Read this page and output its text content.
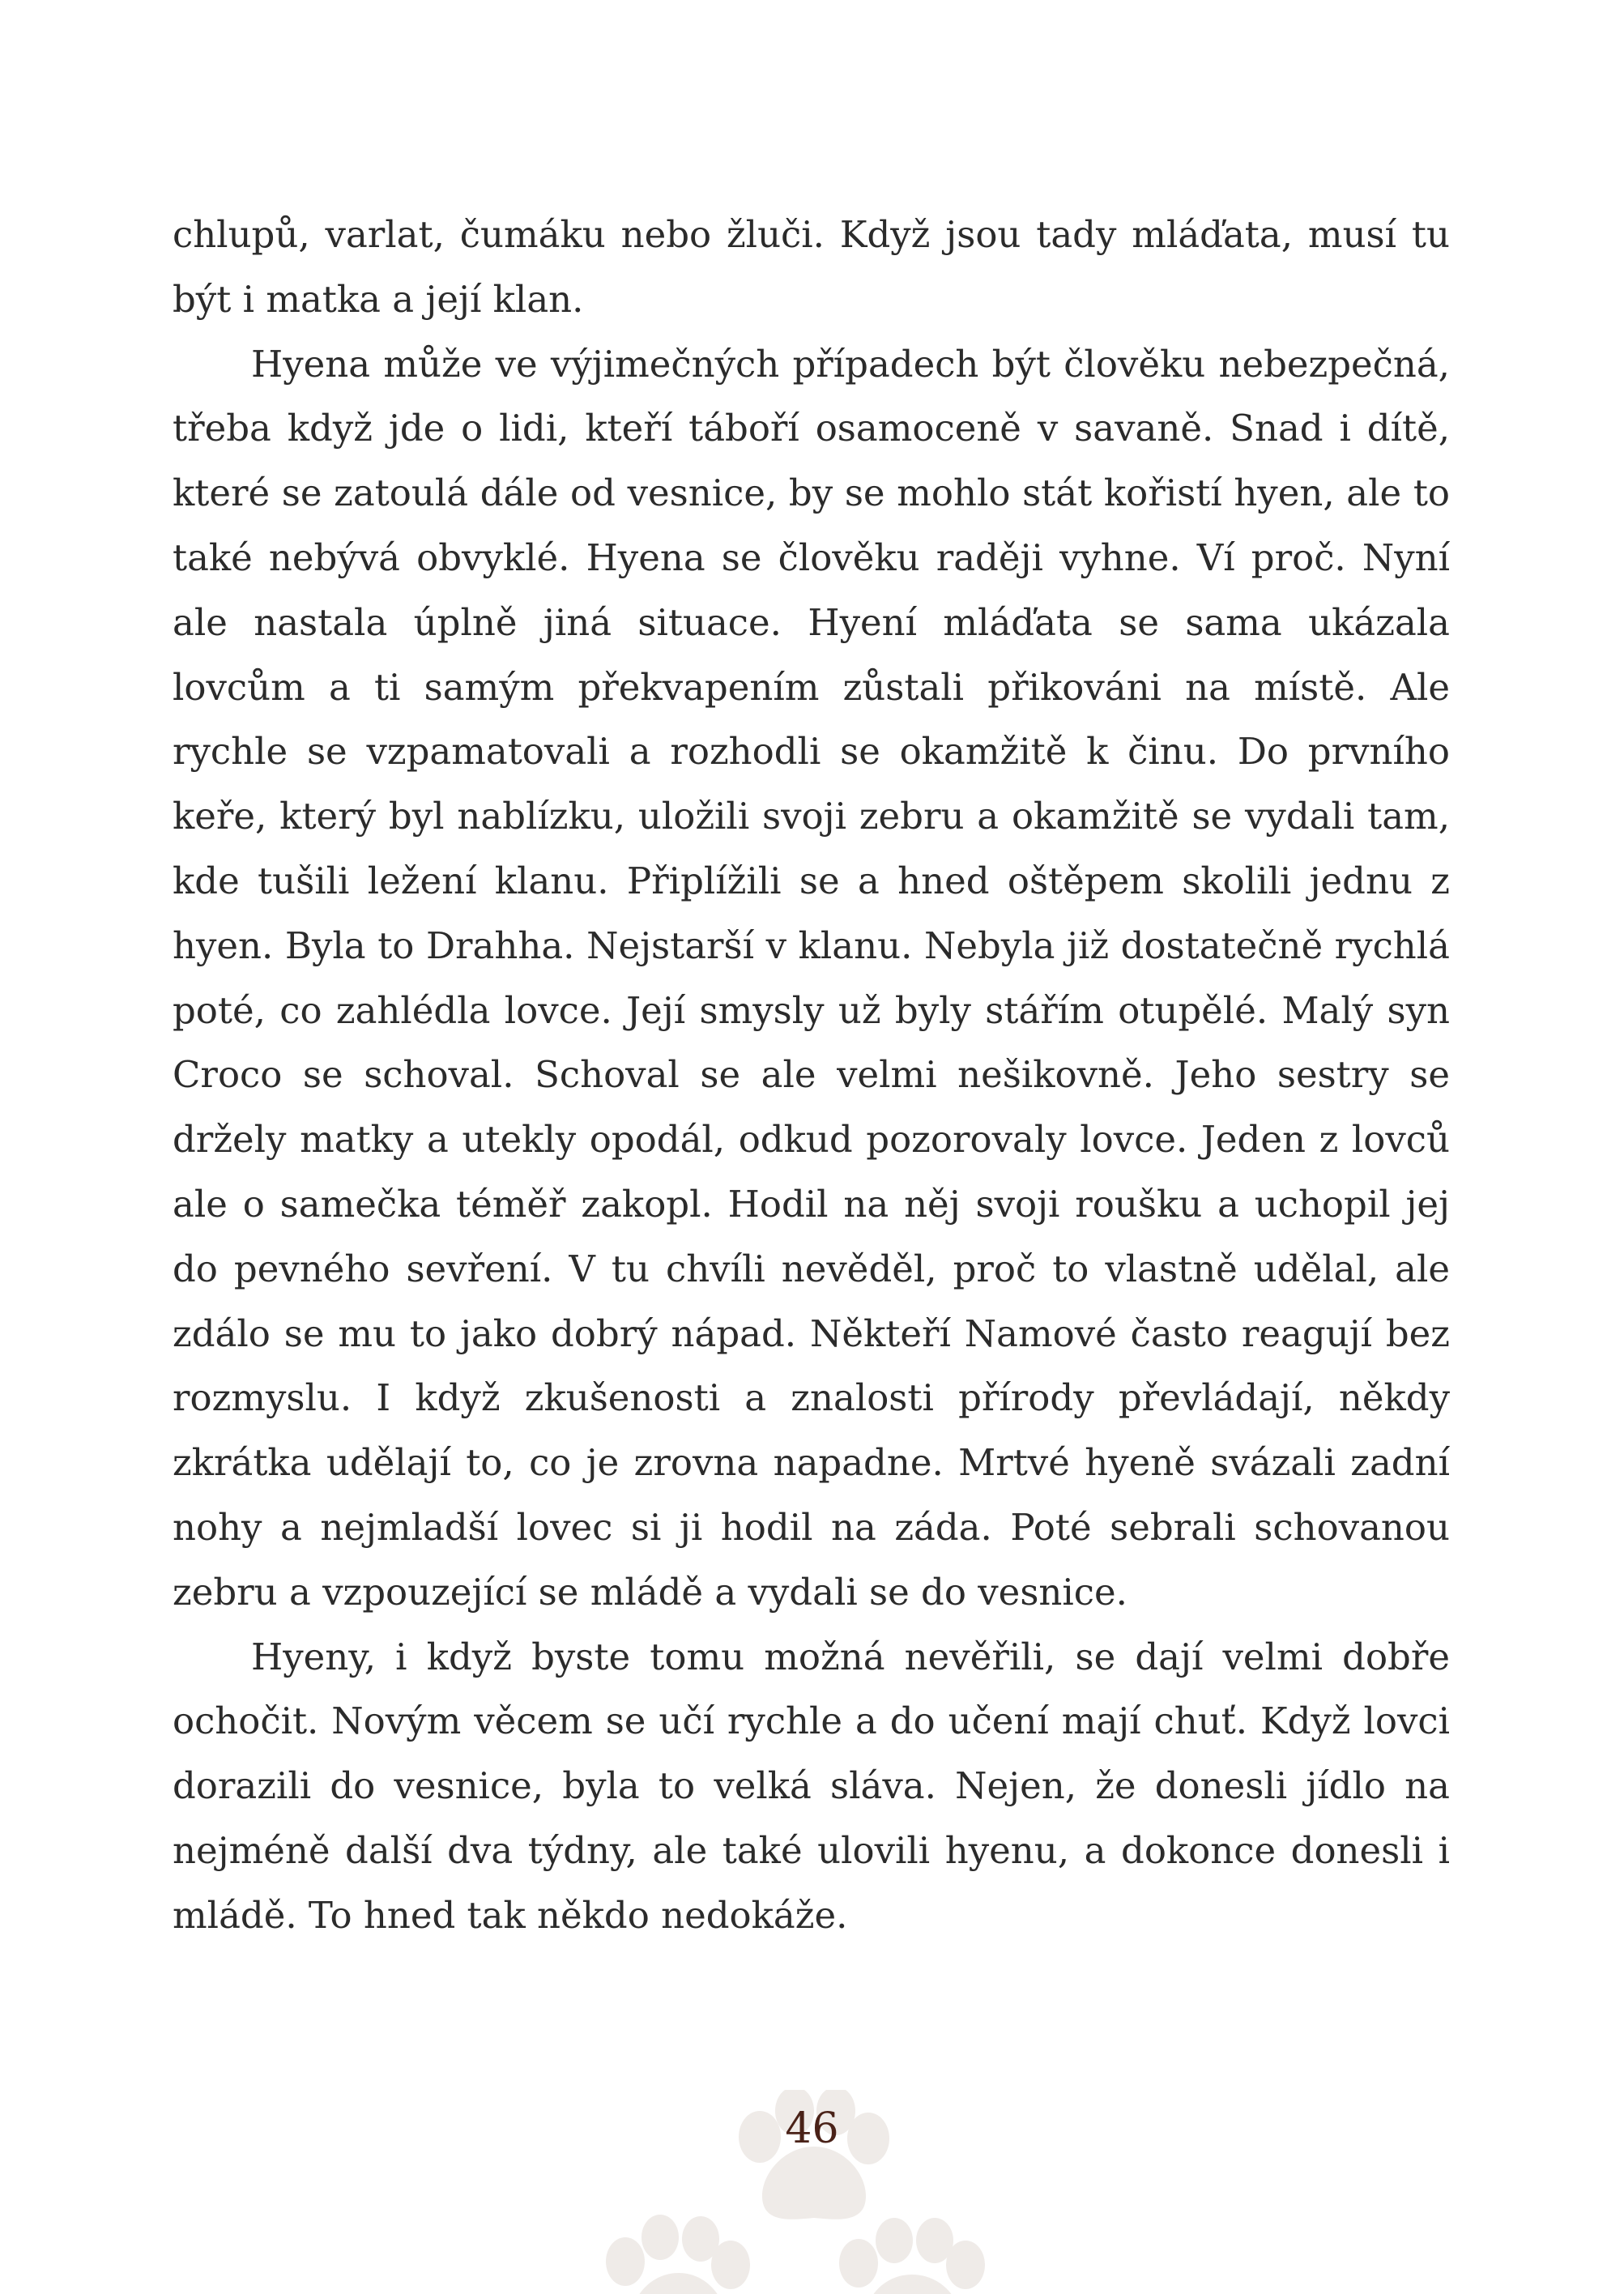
chlupů, varlat, čumáku nebo žluči. Když jsou tady mláďata, musí tu být i matka a její klan.

Hyena může ve výjimečných případech být člověku nebezpečná, třeba když jde o lidi, kteří táboří osamoceně v savaně. Snad i dítě, které se zatoulá dále od vesnice, by se mohlo stát kořistí hyen, ale to také nebývá obvyklé. Hyena se člověku raději vyhne. Ví proč. Nyní ale nastala úplně jiná situace. Hyení mláďata se sama ukázala lovcům a ti samým překvapením zůstali přikováni na místě. Ale rychle se vzpamatovali a rozhodli se okamžitě k činu. Do prvního keře, který byl nablízku, uložili svoji zebru a okamžitě se vydali tam, kde tušili ležení klanu. Připlížili se a hned oštěpem skolili jednu z hyen. Byla to Drahha. Nejstarší v klanu. Nebyla již dostatečně rychlá poté, co zahlédla lovce. Její smysly už byly stářím otupělé. Malý syn Croco se schoval. Schoval se ale velmi nešikovně. Jeho sestry se držely matky a utekly opodál, odkud pozorovaly lovce. Jeden z lovců ale o samečka téměř zakopl. Hodil na něj svoji roušku a uchopil jej do pevného sevření. V tu chvíli nevěděl, proč to vlastně udělal, ale zdálo se mu to jako dobrý nápad. Někteří Namové často reagují bez rozmyslu. I když zkušenosti a znalosti přírody převládají, někdy zkrátka udělají to, co je zrovna napadne. Mrtvé hyeně svázali zadní nohy a nejmladší lovec si ji hodil na záda. Poté sebrali schovanou zebru a vzpouzející se mládě a vydali se do vesnice.

Hyeny, i když byste tomu možná nevěřili, se dají velmi dobře ochočit. Novým věcem se učí rychle a do učení mají chuť. Když lovci dorazili do vesnice, byla to velká sláva. Nejen, že donesli jídlo na nejméně další dva týdny, ale také ulovili hyenu, a dokonce donesli i mládě. To hned tak někdo nedokáže.

46
